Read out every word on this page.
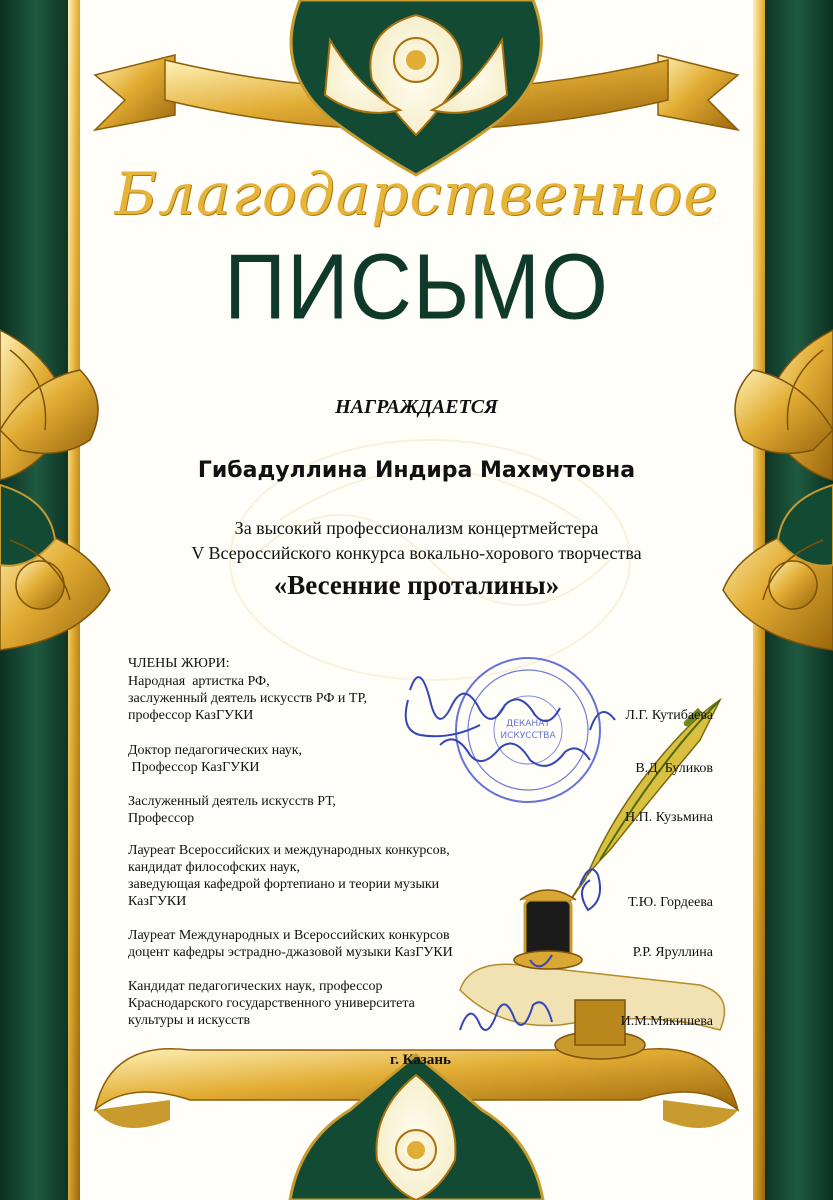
ДЕКАНАТ
ИСКУССТВА

Благодарственное

ПИСЬМО

НАГРАЖДАЕТСЯ

Гибадуллина Индира Махмутовна

За высокий профессионализм концертмейстера

V Всероссийского конкурса вокально-хорового творчества

«Весенние проталины»

ЧЛЕНЫ ЖЮРИ:

Народная  артистка РФ,
заслуженный деятель искусств РФ и ТР,
профессор КазГУКИ	Л.Г. Кутибаева
Доктор педагогических наук,
Профессор КазГУКИ	В.Д. Буликов
Заслуженный деятель искусств РТ,
Профессор	Н.П. Кузьмина
Лауреат Всероссийских и международных конкурсов,
кандидат философских наук,
заведующая кафедрой фортепиано и теории музыки
КазГУКИ	Т.Ю. Гордеева
Лауреат Международных и Всероссийских конкурсов
доцент кафедры эстрадно-джазовой музыки КазГУКИ	Р.Р. Яруллина
Кандидат педагогических наук, профессор
Краснодарского государственного университета
культуры и искусств	И.М.Мякишева

г. Казань
